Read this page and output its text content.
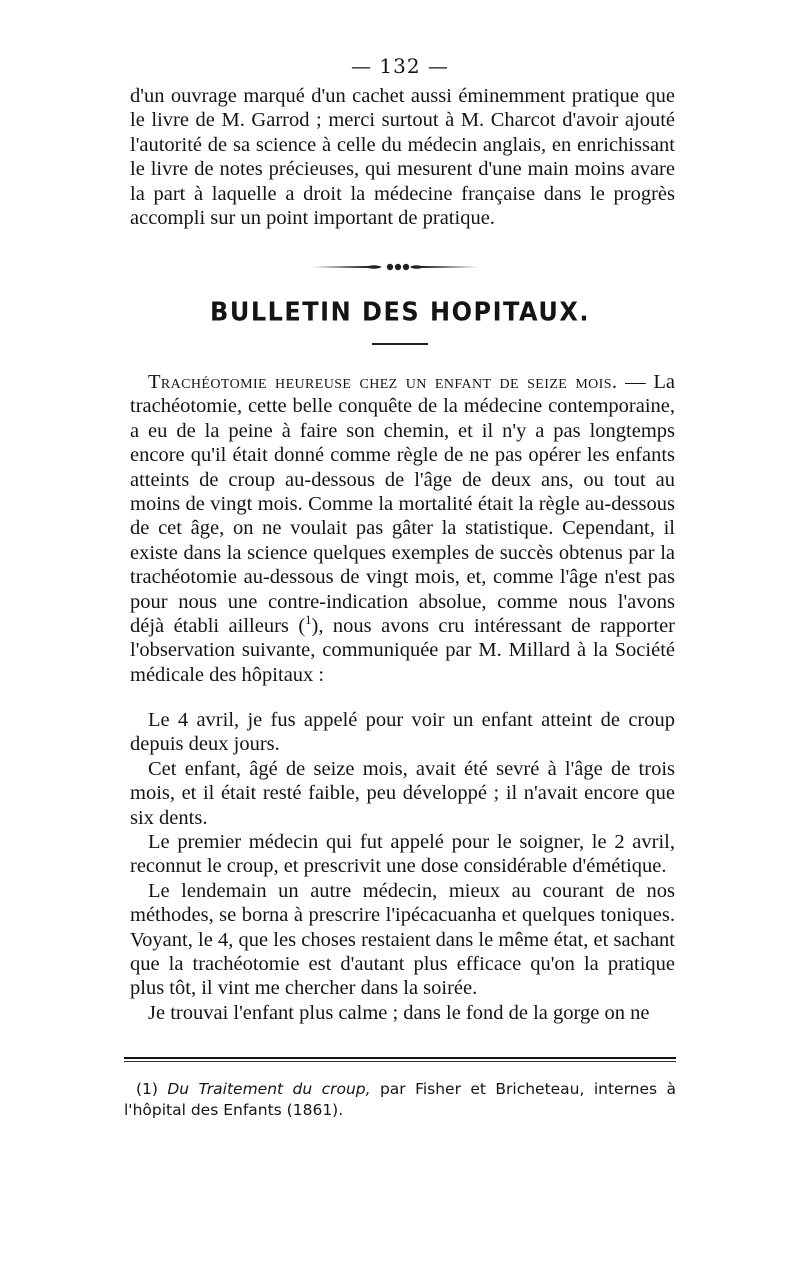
— 132 —

d'un ouvrage marqué d'un cachet aussi éminemment pratique que le livre de M. Garrod ; merci surtout à M. Charcot d'avoir ajouté l'autorité de sa science à celle du médecin anglais, en enrichissant le livre de notes précieuses, qui mesurent d'une main moins avare la part à laquelle a droit la médecine française dans le progrès accompli sur un point important de pratique.

BULLETIN DES HOPITAUX.

Trachéotomie heureuse chez un enfant de seize mois. — La trachéotomie, cette belle conquête de la médecine contemporaine, a eu de la peine à faire son chemin, et il n'y a pas longtemps encore qu'il était donné comme règle de ne pas opérer les enfants atteints de croup au-dessous de l'âge de deux ans, ou tout au moins de vingt mois. Comme la mortalité était la règle au-dessous de cet âge, on ne voulait pas gâter la statistique. Cependant, il existe dans la science quelques exemples de succès obtenus par la trachéotomie au-dessous de vingt mois, et, comme l'âge n'est pas pour nous une contre-indication absolue, comme nous l'avons déjà établi ailleurs ($^1$), nous avons cru intéressant de rapporter l'observation suivante, communiquée par M. Millard à la Société médicale des hôpitaux :

Le 4 avril, je fus appelé pour voir un enfant atteint de croup depuis deux jours.

Cet enfant, âgé de seize mois, avait été sevré à l'âge de trois mois, et il était resté faible, peu développé ; il n'avait encore que six dents.

Le premier médecin qui fut appelé pour le soigner, le 2 avril, reconnut le croup, et prescrivit une dose considérable d'émétique.

Le lendemain un autre médecin, mieux au courant de nos méthodes, se borna à prescrire l'ipécacuanha et quelques toniques. Voyant, le 4, que les choses restaient dans le même état, et sachant que la trachéotomie est d'autant plus efficace qu'on la pratique plus tôt, il vint me chercher dans la soirée.

Je trouvai l'enfant plus calme ; dans le fond de la gorge on ne

(1) Du Traitement du croup, par Fisher et Bricheteau, internes à l'hôpital des Enfants (1861).
